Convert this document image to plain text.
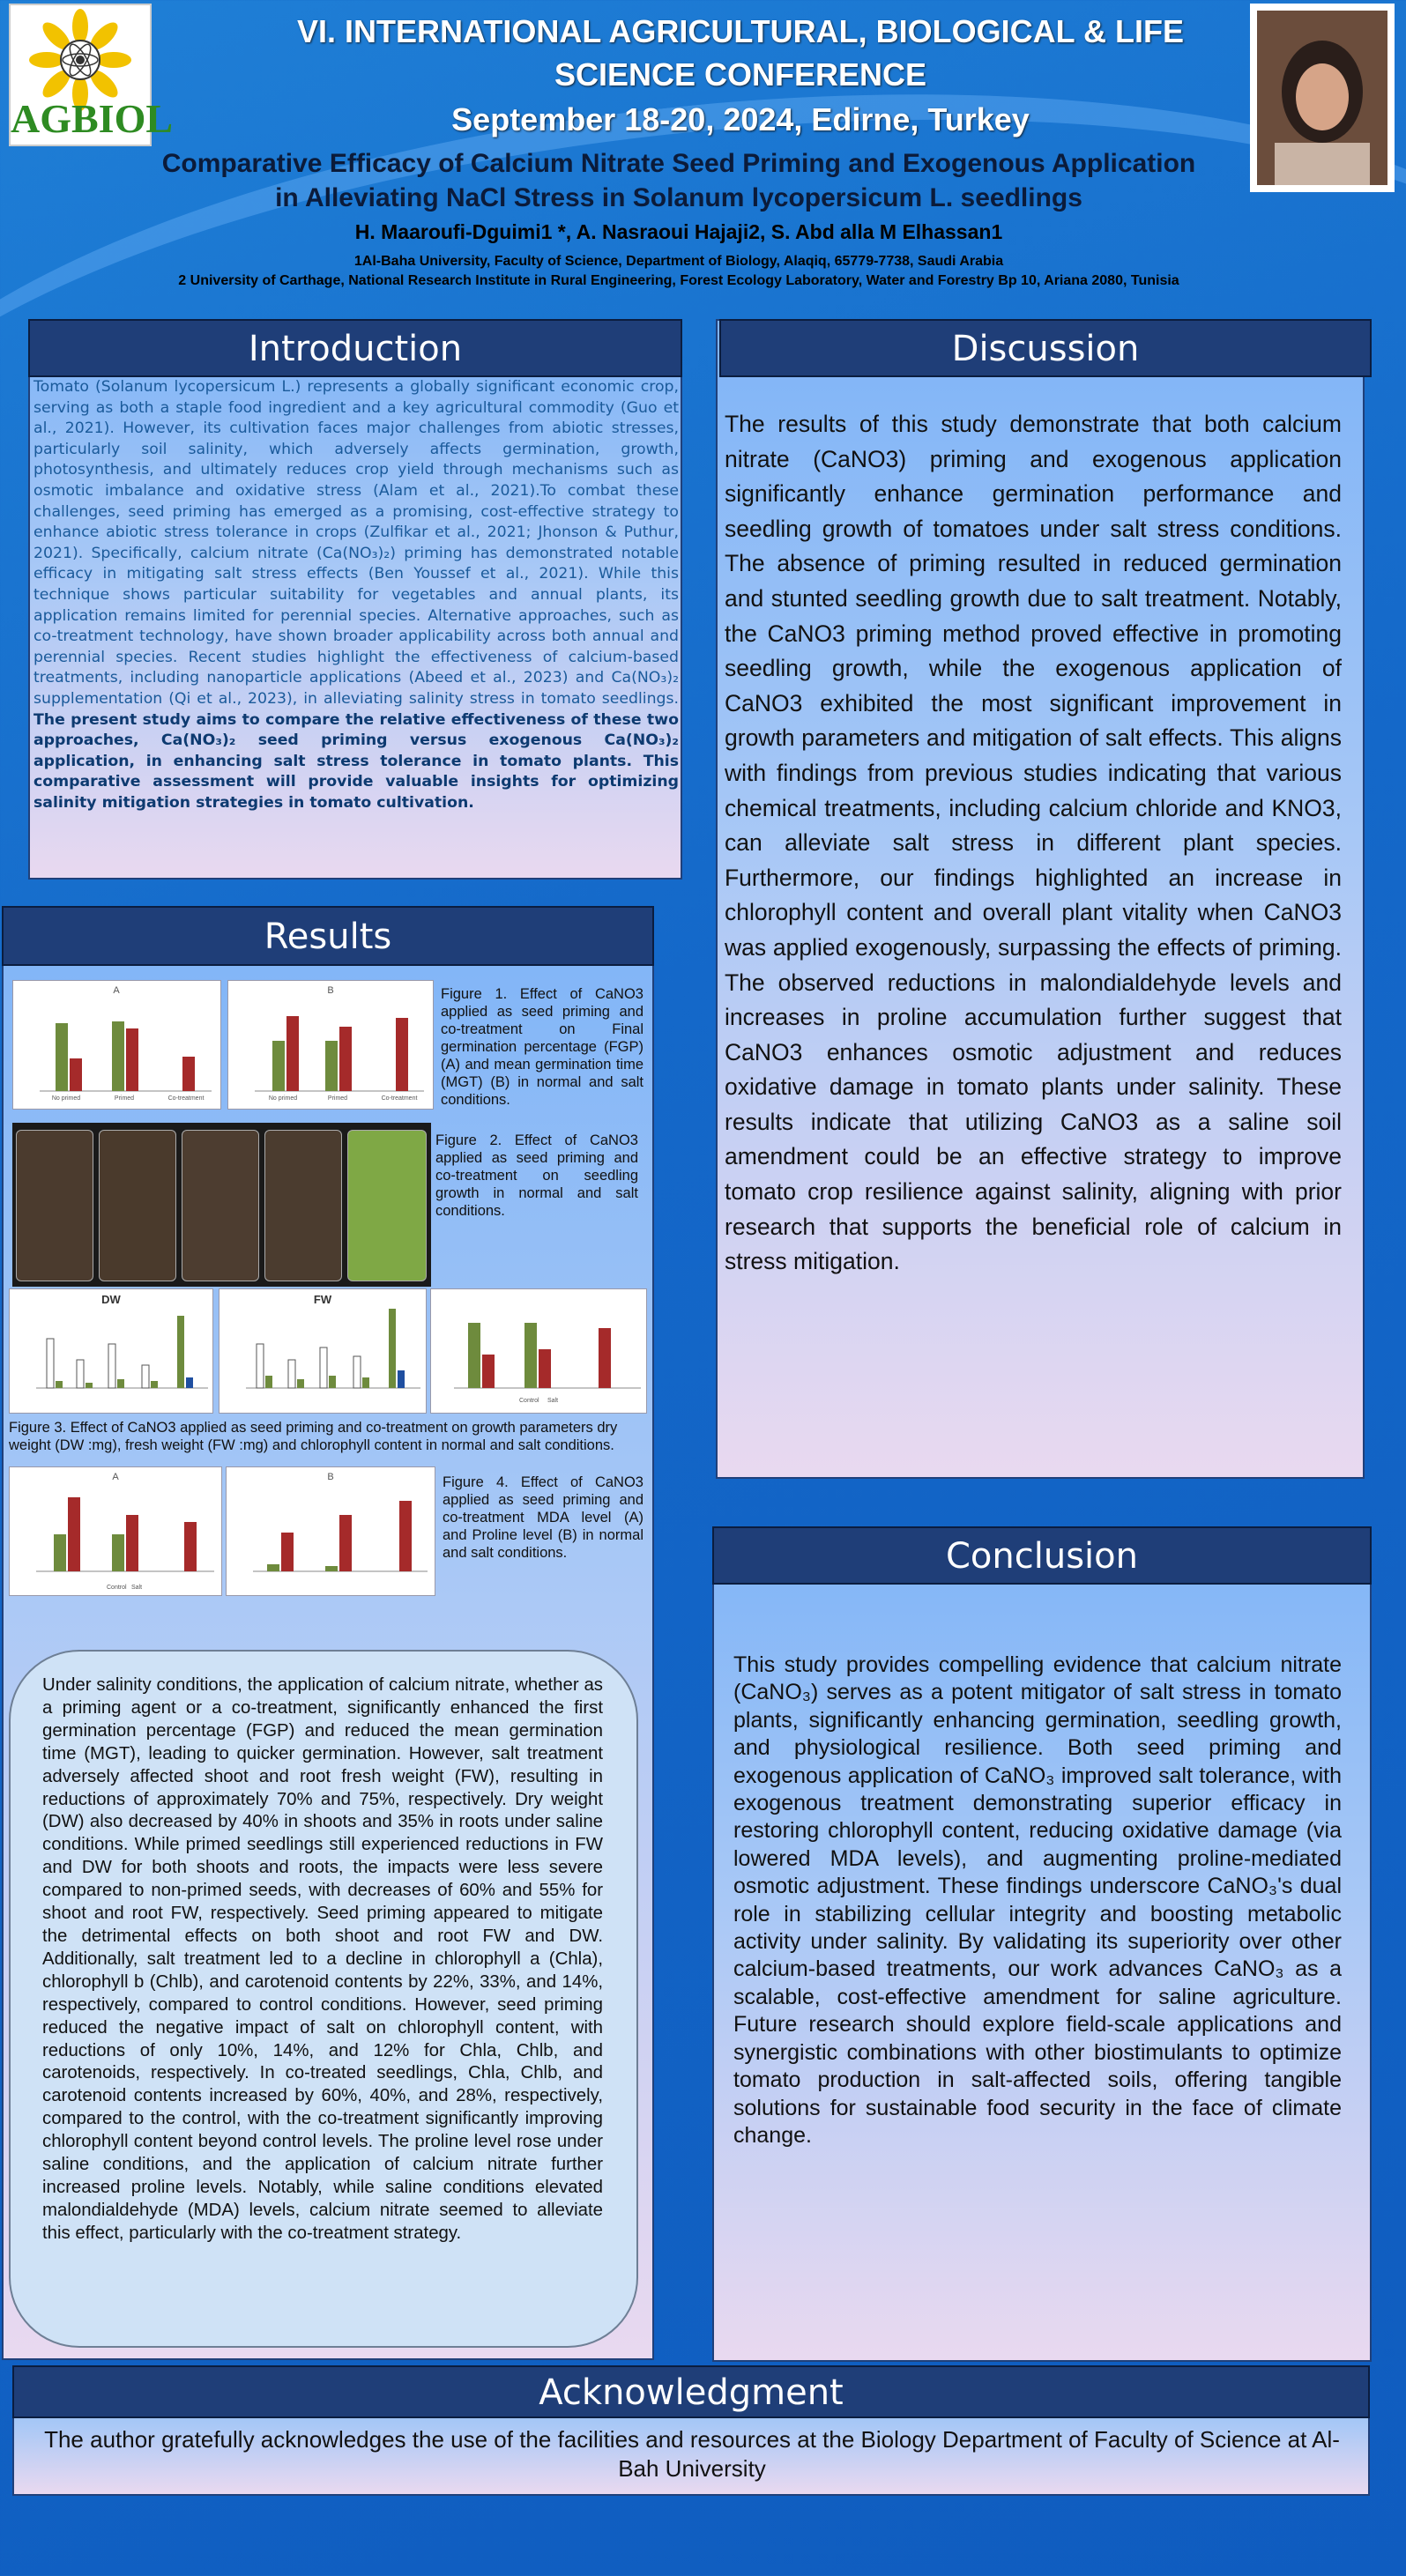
AGBIOL
VI. INTERNATIONAL AGRICULTURAL, BIOLOGICAL & LIFE
SCIENCE CONFERENCE
September 18-20, 2024, Edirne, Turkey
Comparative Efficacy of Calcium Nitrate Seed Priming and Exogenous Application
in Alleviating NaCl Stress in Solanum lycopersicum L. seedlings
H. Maaroufi-Dguimi1 *, A. Nasraoui Hajaji2, S. Abd alla M Elhassan1
1Al-Baha University, Faculty of Science, Department of Biology, Alaqiq, 65779-7738, Saudi Arabia
2 University of Carthage, National Research Institute in Rural Engineering, Forest Ecology Laboratory, Water and Forestry Bp 10, Ariana 2080, Tunisia
Introduction
Tomato (Solanum lycopersicum L.) represents a globally significant economic crop, serving as both a staple food ingredient and a key agricultural commodity (Guo et al., 2021). However, its cultivation faces major challenges from abiotic stresses, particularly soil salinity, which adversely affects germination, growth, photosynthesis, and ultimately reduces crop yield through mechanisms such as osmotic imbalance and oxidative stress (Alam et al., 2021).To combat these challenges, seed priming has emerged as a promising, cost-effective strategy to enhance abiotic stress tolerance in crops (Zulfikar et al., 2021; Jhonson & Puthur, 2021). Specifically, calcium nitrate (Ca(NO₃)₂) priming has demonstrated notable efficacy in mitigating salt stress effects (Ben Youssef et al., 2021). While this technique shows particular suitability for vegetables and annual plants, its application remains limited for perennial species. Alternative approaches, such as co-treatment technology, have shown broader applicability across both annual and perennial species. Recent studies highlight the effectiveness of calcium-based treatments, including nanoparticle applications (Abeed et al., 2023) and Ca(NO₃)₂ supplementation (Qi et al., 2023), in alleviating salinity stress in tomato seedlings. The present study aims to compare the relative effectiveness of these two approaches, Ca(NO₃)₂ seed priming versus exogenous Ca(NO₃)₂ application, in enhancing salt stress tolerance in tomato plants. This comparative assessment will provide valuable insights for optimizing salinity mitigation strategies in tomato cultivation.
Discussion
The results of this study demonstrate that both calcium nitrate (CaNO3) priming and exogenous application significantly enhance germination performance and seedling growth of tomatoes under salt stress conditions. The absence of priming resulted in reduced germination and stunted seedling growth due to salt treatment. Notably, the CaNO3 priming method proved effective in promoting seedling growth, while the exogenous application of CaNO3 exhibited the most significant improvement in growth parameters and mitigation of salt effects. This aligns with findings from previous studies indicating that various chemical treatments, including calcium chloride and KNO3, can alleviate salt stress in different plant species. Furthermore, our findings highlighted an increase in chlorophyll content and overall plant vitality when CaNO3 was applied exogenously, surpassing the effects of priming. The observed reductions in malondialdehyde levels and increases in proline accumulation further suggest that CaNO3 enhances osmotic adjustment and reduces oxidative damage in tomato plants under salinity. These results indicate that utilizing CaNO3 as a saline soil amendment could be an effective strategy to improve tomato crop resilience against salinity, aligning with prior research that supports the beneficial role of calcium in stress mitigation.
Results
A
No primed	Primed	Co-treatment
B
No primed	Primed	Co-treatment
Figure 1. Effect of CaNO3 applied as seed priming and co-treatment on Final germination percentage (FGP) (A) and mean germination time (MGT) (B) in normal and salt conditions.
Figure 2. Effect of CaNO3 applied as seed priming and co-treatment on seedling growth in normal and salt conditions.
DW	FW
Control Salt
Figure 3. Effect of CaNO3 applied as seed priming and co-treatment on growth parameters dry weight (DW :mg), fresh weight (FW :mg) and chlorophyll content in normal and salt conditions.
A
Control Salt
B	Figure 4. Effect of CaNO3 applied as seed priming and co-treatment MDA level (A) and Proline level (B) in normal and salt conditions.
Under salinity conditions, the application of calcium nitrate, whether as a priming agent or a co-treatment, significantly enhanced the first germination percentage (FGP) and reduced the mean germination time (MGT), leading to quicker germination. However, salt treatment adversely affected shoot and root fresh weight (FW), resulting in reductions of approximately 70% and 75%, respectively. Dry weight (DW) also decreased by 40% in shoots and 35% in roots under saline conditions. While primed seedlings still experienced reductions in FW and DW for both shoots and roots, the impacts were less severe compared to non-primed seeds, with decreases of 60% and 55% for shoot and root FW, respectively. Seed priming appeared to mitigate the detrimental effects on both shoot and root FW and DW. Additionally, salt treatment led to a decline in chlorophyll a (Chla), chlorophyll b (Chlb), and carotenoid contents by 22%, 33%, and 14%, respectively, compared to control conditions. However, seed priming reduced the negative impact of salt on chlorophyll content, with reductions of only 10%, 14%, and 12% for Chla, Chlb, and carotenoids, respectively. In co-treated seedlings, Chla, Chlb, and carotenoid contents increased by 60%, 40%, and 28%, respectively, compared to the control, with the co-treatment significantly improving chlorophyll content beyond control levels. The proline level rose under saline conditions, and the application of calcium nitrate further increased proline levels. Notably, while saline conditions elevated malondialdehyde (MDA) levels, calcium nitrate seemed to alleviate this effect, particularly with the co-treatment strategy.
Conclusion
This study provides compelling evidence that calcium nitrate (CaNO₃) serves as a potent mitigator of salt stress in tomato plants, significantly enhancing germination, seedling growth, and physiological resilience. Both seed priming and exogenous application of CaNO₃ improved salt tolerance, with exogenous treatment demonstrating superior efficacy in restoring chlorophyll content, reducing oxidative damage (via lowered MDA levels), and augmenting proline-mediated osmotic adjustment. These findings underscore CaNO₃'s dual role in stabilizing cellular integrity and boosting metabolic activity under salinity. By validating its superiority over other calcium-based treatments, our work advances CaNO₃ as a scalable, cost-effective amendment for saline agriculture. Future research should explore field-scale applications and synergistic combinations with other biostimulants to optimize tomato production in salt-affected soils, offering tangible solutions for sustainable food security in the face of climate change.
Acknowledgment
The author gratefully acknowledges the use of the facilities and resources at the Biology Department of Faculty of Science at Al-Bah University
